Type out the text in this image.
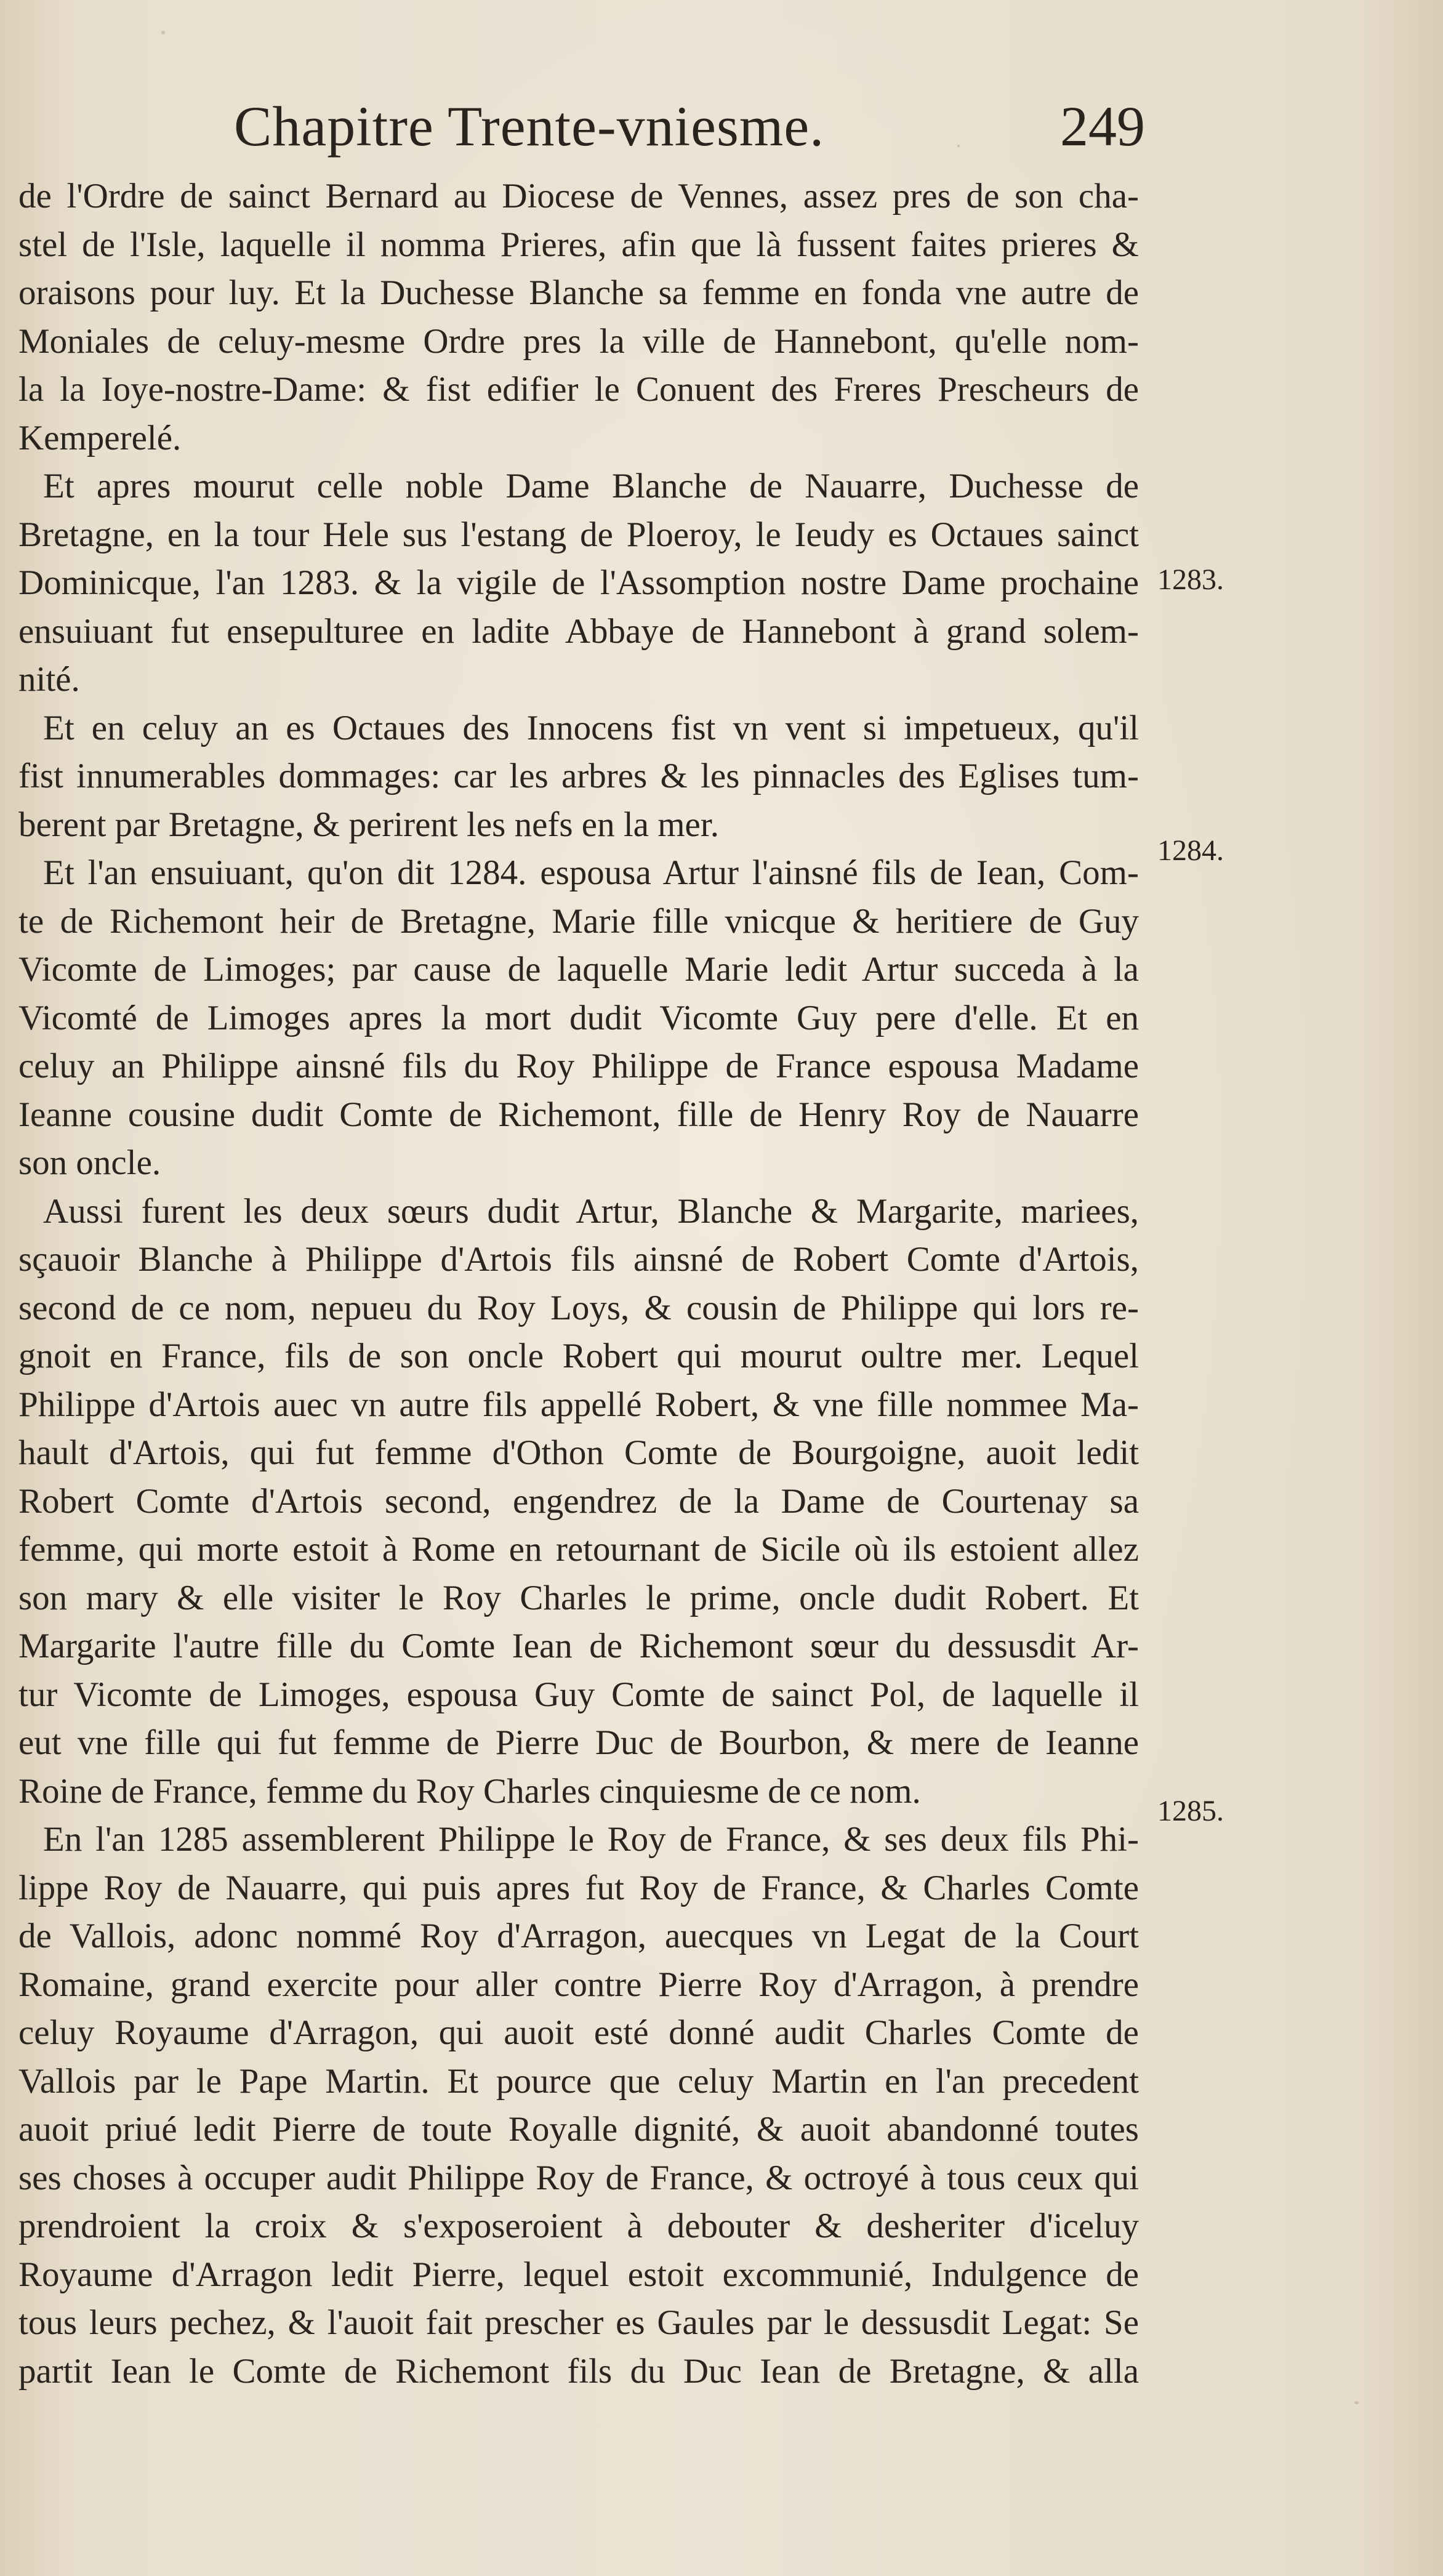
Chapitre Trente-vniesme.	249
de l'Ordre de sainct Bernard au Diocese de Vennes, assez pres de son cha-
stel de l'Isle, laquelle il nomma Prieres, afin que là fussent faites prieres &
oraisons pour luy. Et la Duchesse Blanche sa femme en fonda vne autre de
Moniales de celuy-mesme Ordre pres la ville de Hannebont, qu'elle nom-
la la Ioye-nostre-Dame: & fist edifier le Conuent des Freres Prescheurs de
Kemperelé.
Et apres mourut celle noble Dame Blanche de Nauarre, Duchesse de
Bretagne, en la tour Hele sus l'estang de Ploeroy, le Ieudy es Octaues sainct
Dominicque, l'an 1283. & la vigile de l'Assomption nostre Dame prochaine
ensuiuant fut ensepulturee en ladite Abbaye de Hannebont à grand solem-
nité.
Et en celuy an es Octaues des Innocens fist vn vent si impetueux, qu'il
fist innumerables dommages: car les arbres & les pinnacles des Eglises tum-
berent par Bretagne, & perirent les nefs en la mer.
Et l'an ensuiuant, qu'on dit 1284. espousa Artur l'ainsné fils de Iean, Com-
te de Richemont heir de Bretagne, Marie fille vnicque & heritiere de Guy
Vicomte de Limoges; par cause de laquelle Marie ledit Artur succeda à la
Vicomté de Limoges apres la mort dudit Vicomte Guy pere d'elle. Et en
celuy an Philippe ainsné fils du Roy Philippe de France espousa Madame
Ieanne cousine dudit Comte de Richemont, fille de Henry Roy de Nauarre
son oncle.
Aussi furent les deux sœurs dudit Artur, Blanche & Margarite, mariees,
sçauoir Blanche à Philippe d'Artois fils ainsné de Robert Comte d'Artois,
second de ce nom, nepueu du Roy Loys, & cousin de Philippe qui lors re-
gnoit en France, fils de son oncle Robert qui mourut oultre mer. Lequel
Philippe d'Artois auec vn autre fils appellé Robert, & vne fille nommee Ma-
hault d'Artois, qui fut femme d'Othon Comte de Bourgoigne, auoit ledit
Robert Comte d'Artois second, engendrez de la Dame de Courtenay sa
femme, qui morte estoit à Rome en retournant de Sicile où ils estoient allez
son mary & elle visiter le Roy Charles le prime, oncle dudit Robert. Et
Margarite l'autre fille du Comte Iean de Richemont sœur du dessusdit Ar-
tur Vicomte de Limoges, espousa Guy Comte de sainct Pol, de laquelle il
eut vne fille qui fut femme de Pierre Duc de Bourbon, & mere de Ieanne
Roine de France, femme du Roy Charles cinquiesme de ce nom.
En l'an 1285 assemblerent Philippe le Roy de France, & ses deux fils Phi-
lippe Roy de Nauarre, qui puis apres fut Roy de France, & Charles Comte
de Vallois, adonc nommé Roy d'Arragon, auecques vn Legat de la Court
Romaine, grand exercite pour aller contre Pierre Roy d'Arragon, à prendre
celuy Royaume d'Arragon, qui auoit esté donné audit Charles Comte de
Vallois par le Pape Martin. Et pource que celuy Martin en l'an precedent
auoit priué ledit Pierre de toute Royalle dignité, & auoit abandonné toutes
ses choses à occuper audit Philippe Roy de France, & octroyé à tous ceux qui
prendroient la croix & s'exposeroient à debouter & desheriter d'iceluy
Royaume d'Arragon ledit Pierre, lequel estoit excommunié, Indulgence de
tous leurs pechez, & l'auoit fait prescher es Gaules par le dessusdit Legat: Se
partit Iean le Comte de Richemont fils du Duc Iean de Bretagne, & alla
1283.
1284.
1285.
